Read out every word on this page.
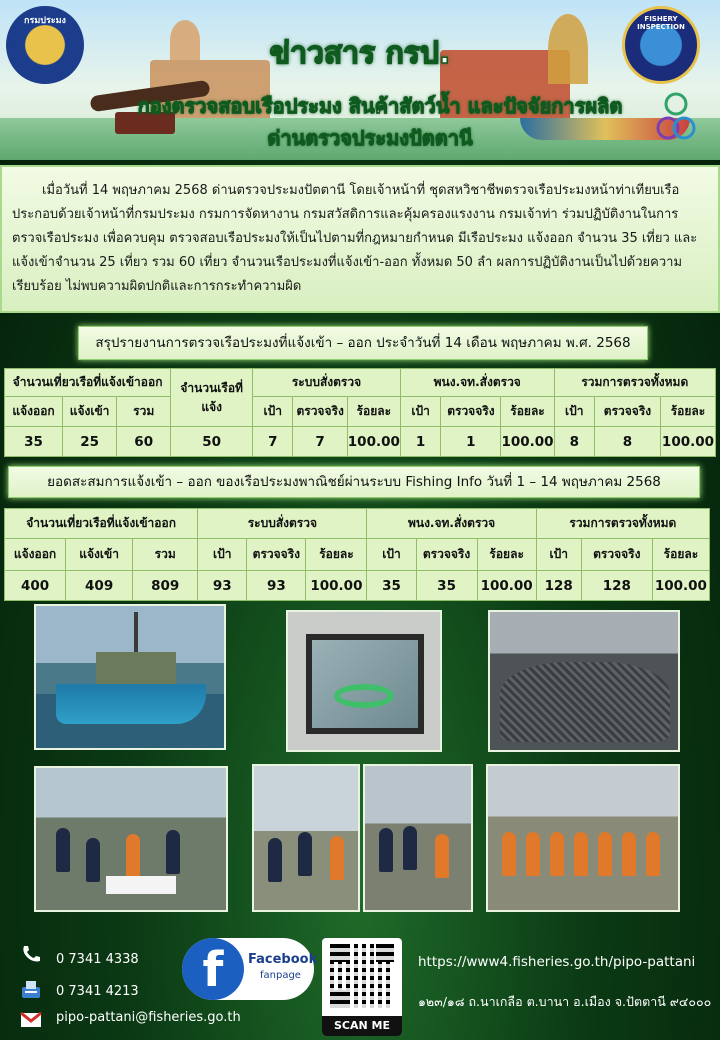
กรมประมง	FISHERY INSPECTION
ข่าวสาร กรป.
กองตรวจสอบเรือประมง สินค้าสัตว์น้ำ และปัจจัยการผลิต
ด่านตรวจประมงปัตตานี
เมื่อวันที่ 14 พฤษภาคม 2568 ด่านตรวจประมงปัตตานี โดยเจ้าหน้าที่ ชุดสหวิชาชีพตรวจเรือประมงหน้าท่าเทียบเรือ ประกอบด้วยเจ้าหน้าที่กรมประมง กรมการจัดหางาน กรมสวัสดิการและคุ้มครองแรงงาน กรมเจ้าท่า ร่วมปฏิบัติงานในการตรวจเรือประมง เพื่อควบคุม ตรวจสอบเรือประมงให้เป็นไปตามที่กฎหมายกำหนด มีเรือประมง แจ้งออก จำนวน 35 เที่ยว และแจ้งเข้าจำนวน 25 เที่ยว รวม 60 เที่ยว จำนวนเรือประมงที่แจ้งเข้า-ออก ทั้งหมด 50 ลำ ผลการปฏิบัติงานเป็นไปด้วยความเรียบร้อย ไม่พบความผิดปกติและการกระทำความผิด
สรุปรายงานการตรวจเรือประมงที่แจ้งเข้า – ออก ประจำวันที่ 14 เดือน พฤษภาคม พ.ศ. 2568
จำนวนเที่ยวเรือที่แจ้งเข้าออก			จำนวนเรือที่แจ้ง	ระบบสั่งตรวจ			พนง.จท.สั่งตรวจ			รวมการตรวจทั้งหมด		
แจ้งออก	แจ้งเข้า	รวม		เป้า	ตรวจจริง	ร้อยละ	เป้า	ตรวจจริง	ร้อยละ	เป้า	ตรวจจริง	ร้อยละ
35	25	60	50	7	7	100.00	1	1	100.00	8	8	100.00
ยอดสะสมการแจ้งเข้า – ออก ของเรือประมงพาณิชย์ผ่านระบบ Fishing Info วันที่ 1 – 14 พฤษภาคม 2568
จำนวนเที่ยวเรือที่แจ้งเข้าออก			ระบบสั่งตรวจ			พนง.จท.สั่งตรวจ			รวมการตรวจทั้งหมด		
แจ้งออก	แจ้งเข้า	รวม	เป้า	ตรวจจริง	ร้อยละ	เป้า	ตรวจจริง	ร้อยละ	เป้า	ตรวจจริง	ร้อยละ
400	409	809	93	93	100.00	35	35	100.00	128	128	100.00
0 7341 4338
0 7341 4213
pipo-pattani@fisheries.go.th
f	Facebook
fanpage
SCAN ME
https://www4.fisheries.go.th/pipo-pattani
๑๒๓/๑๘ ถ.นาเกลือ ต.บานา อ.เมือง จ.ปัตตานี ๙๔๐๐๐
